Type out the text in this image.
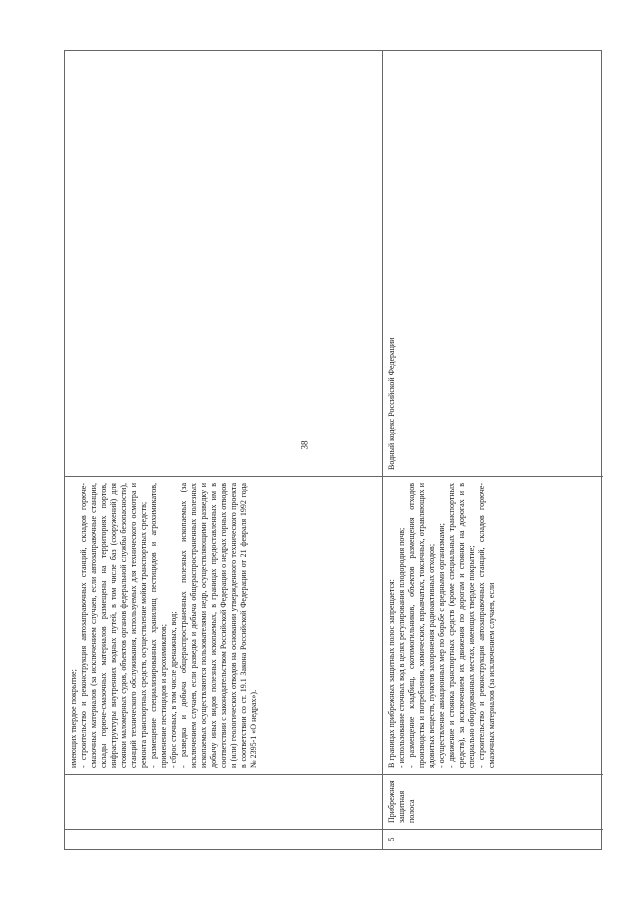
38
имеющих твердое покрытие; - строительство и реконструкция автозаправочных станций, складов горюче-смазочных материалов (за исключением случаев, если автозаправочные станции, склады горюче-смазочных материалов размещены на территориях портов, инфраструктуры внутренних водных путей, в том числе баз (сооружений) для стоянки маломерных судов, объектов органов федеральной службы безопасности), станций технического обслуживания, используемых для технического осмотра и ремонта транспортных средств, осуществление мойки транспортных средств; - размещение специализированных хранилищ пестицидов и агрохимикатов, применение пестицидов и агрохимикатов; - сброс сточных, в том числе дренажных, вод; - разведка и добыча общераспространенных полезных ископаемых (за исключением случаев, если разведка и добыча общераспространенных полезных ископаемых осуществляются пользователями недр, осуществляющими разведку и добычу иных видов полезных ископаемых, в границах предоставленных им в соответствии с законодательством Российской Федерации о недрах горных отводов и (или) геологических отводов на основании утвержденного технического проекта в соответствии со ст. 19.1 Закона Российской Федерации от 21 февраля 1992 года № 2395-1 «О недрах»).
5
Прибрежная защитная полоса
В границах прибрежных защитных полос запрещается: - использование сточных вод в целях регулирования плодородия почв; - размещение кладбищ, скотомогильников, объектов размещения отходов производства и потребления, химических, взрывчатых, токсичных, отравляющих и ядовитых веществ, пунктов захоронения радиоактивных отходов; - осуществление авиационных мер по борьбе с вредными организмами; - движение и стоянка транспортных средств (кроме специальных транспортных средств), за исключением их движения по дорогам и стоянки на дорогах и в специально оборудованных местах, имеющих твердое покрытие; - строительство и реконструкция автозаправочных станций, складов горюче-смазочных материалов (за исключением случаев, если
Водный кодекс Российской Федерации
